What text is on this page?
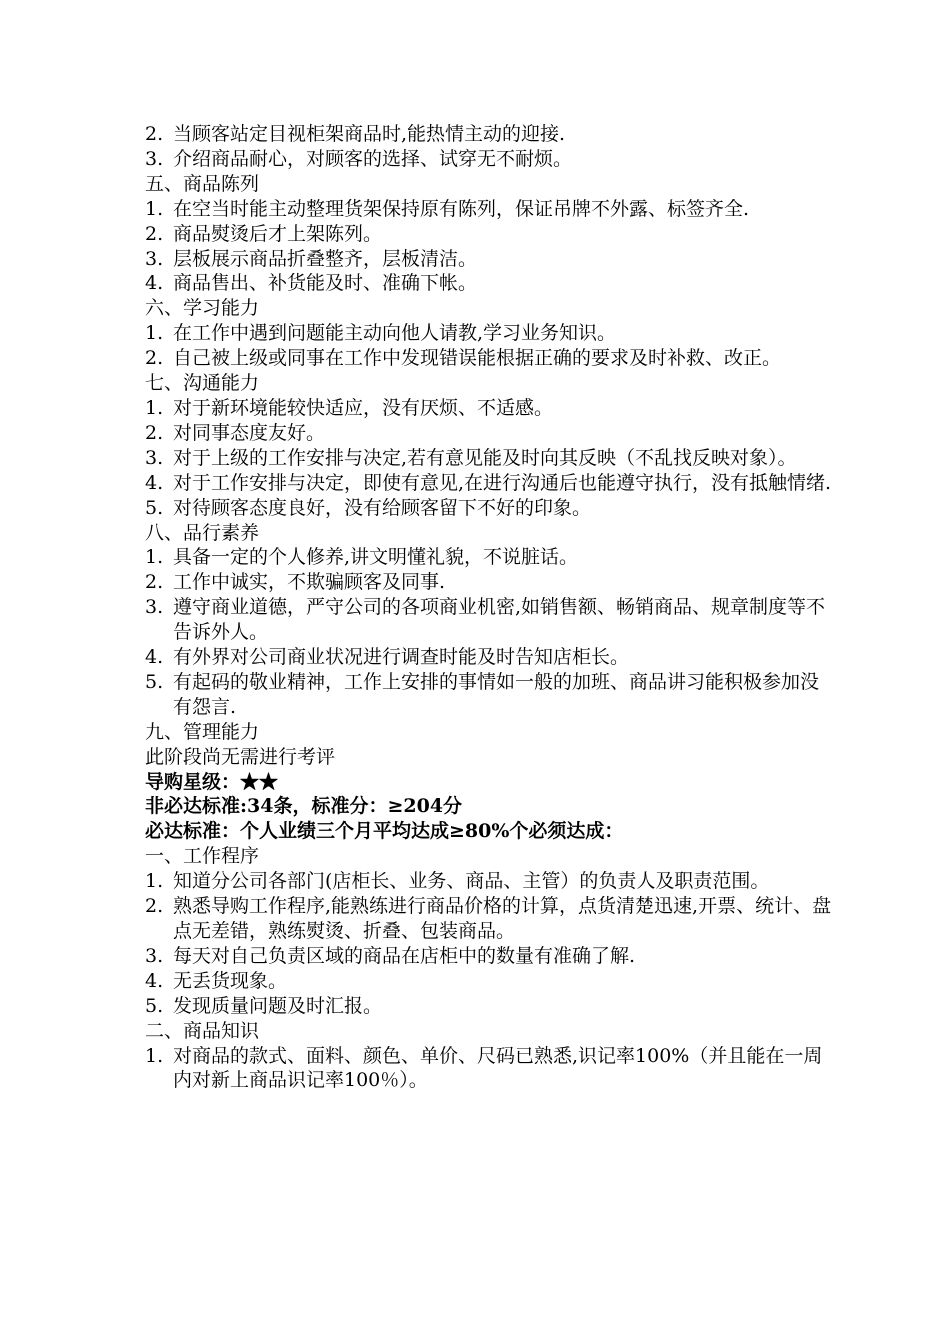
2. 当顾客站定目视柜架商品时,能热情主动的迎接.
3. 介绍商品耐心，对顾客的选择、试穿无不耐烦。
五、商品陈列
1. 在空当时能主动整理货架保持原有陈列，保证吊牌不外露、标签齐全.
2. 商品熨烫后才上架陈列。
3. 层板展示商品折叠整齐，层板清洁。
4. 商品售出、补货能及时、准确下帐。
六、学习能力
1. 在工作中遇到问题能主动向他人请教,学习业务知识。
2. 自己被上级或同事在工作中发现错误能根据正确的要求及时补救、改正。
七、沟通能力
1. 对于新环境能较快适应，没有厌烦、不适感。
2. 对同事态度友好。
3. 对于上级的工作安排与决定,若有意见能及时向其反映（不乱找反映对象）。
4. 对于工作安排与决定，即使有意见,在进行沟通后也能遵守执行，没有抵触情绪.
5. 对待顾客态度良好，没有给顾客留下不好的印象。
八、品行素养
1. 具备一定的个人修养,讲文明懂礼貌，不说脏话。
2. 工作中诚实，不欺骗顾客及同事.
3. 遵守商业道德，严守公司的各项商业机密,如销售额、畅销商品、规章制度等不告诉外人。
4. 有外界对公司商业状况进行调查时能及时告知店柜长。
5. 有起码的敬业精神，工作上安排的事情如一般的加班、商品讲习能积极参加没有怨言.
九、管理能力
此阶段尚无需进行考评
导购星级：★★
非必达标准:34条，标准分：≥204分
必达标准：个人业绩三个月平均达成≥80%个必须达成：
一、工作程序
1. 知道分公司各部门(店柜长、业务、商品、主管）的负责人及职责范围。
2. 熟悉导购工作程序,能熟练进行商品价格的计算，点货清楚迅速,开票、统计、盘点无差错，熟练熨烫、折叠、包装商品。
3. 每天对自己负责区域的商品在店柜中的数量有准确了解.
4. 无丢货现象。
5. 发现质量问题及时汇报。
二、商品知识
1. 对商品的款式、面料、颜色、单价、尺码已熟悉,识记率100%（并且能在一周内对新上商品识记率100％）。
